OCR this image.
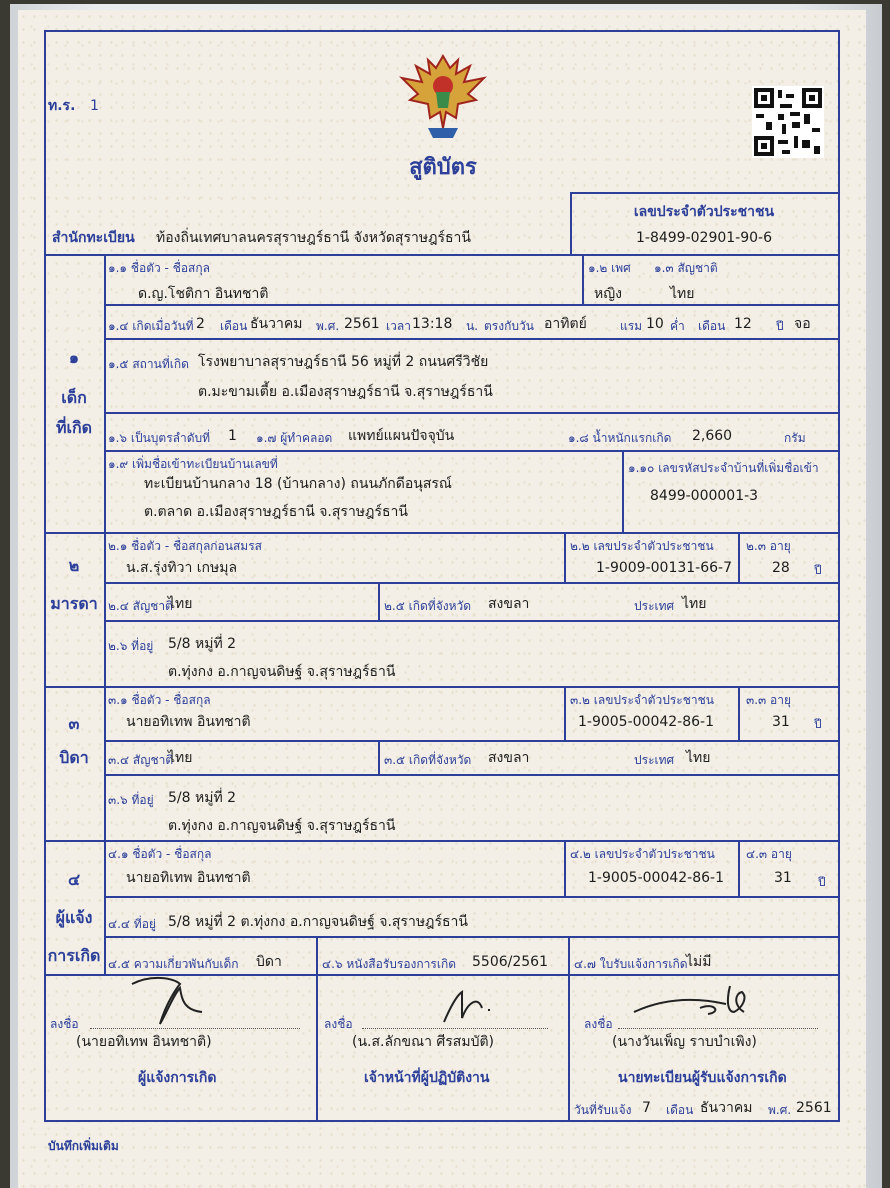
ท.ร. 1
สูติบัตร
สำนักทะเบียน ท้องถิ่นเทศบาลนครสุราษฎร์ธานี จังหวัดสุราษฎร์ธานี
เลขประจำตัวประชาชน
1-8499-02901-90-6
๑
เด็ก
ที่เกิด
๑.๑ ชื่อตัว - ชื่อสกุล
ด.ญ.โชติกา อินทชาติ
๑.๒ เพศ
หญิง
๑.๓ สัญชาติ
ไทย
๑.๔ เกิดเมื่อวันที่ 2 เดือน ธันวาคม พ.ศ. 2561 เวลา 13:18 น. ตรงกับวัน อาทิตย์	แรม 10 ค่ำ เดือน 12 ปี จอ
๑.๕ สถานที่เกิด โรงพยาบาลสุราษฎร์ธานี 56 หมู่ที่ 2 ถนนศรีวิชัย
ต.มะขามเตี้ย อ.เมืองสุราษฎร์ธานี จ.สุราษฎร์ธานี
๑.๖ เป็นบุตรลำดับที่ 1 ๑.๗ ผู้ทำคลอด แพทย์แผนปัจจุบัน	๑.๘ น้ำหนักแรกเกิด 2,660	กรัม
๑.๙ เพิ่มชื่อเข้าทะเบียนบ้านเลขที่
ทะเบียนบ้านกลาง 18 (บ้านกลาง) ถนนภักดีอนุสรณ์
ต.ตลาด อ.เมืองสุราษฎร์ธานี จ.สุราษฎร์ธานี
๑.๑๐ เลขรหัสประจำบ้านที่เพิ่มชื่อเข้า
8499-000001-3
๒
มารดา
๒.๑ ชื่อตัว - ชื่อสกุลก่อนสมรส
น.ส.รุ่งทิวา เกษมุล
๒.๒ เลขประจำตัวประชาชน
1-9009-00131-66-7
๒.๓ อายุ
28 ปี
๒.๔ สัญชาติ
ไทย	๒.๕ เกิดที่จังหวัด สงขลา	ประเทศ ไทย
๒.๖ ที่อยู่ 5/8 หมู่ที่ 2
ต.ทุ่งกง อ.กาญจนดิษฐ์ จ.สุราษฎร์ธานี
๓
บิดา
๓.๑ ชื่อตัว - ชื่อสกุล
นายอทิเทพ อินทชาติ
๓.๒ เลขประจำตัวประชาชน
1-9005-00042-86-1
๓.๓ อายุ
31 ปี
๓.๔ สัญชาติ
ไทย	๓.๕ เกิดที่จังหวัด สงขลา	ประเทศ ไทย
๓.๖ ที่อยู่ 5/8 หมู่ที่ 2
ต.ทุ่งกง อ.กาญจนดิษฐ์ จ.สุราษฎร์ธานี
๔
ผู้แจ้ง
การเกิด
๔.๑ ชื่อตัว - ชื่อสกุล
นายอทิเทพ อินทชาติ
๔.๒ เลขประจำตัวประชาชน
1-9005-00042-86-1
๔.๓ อายุ
31 ปี
๔.๔ ที่อยู่ 5/8 หมู่ที่ 2 ต.ทุ่งกง อ.กาญจนดิษฐ์ จ.สุราษฎร์ธานี
๔.๕ ความเกี่ยวพันกับเด็ก บิดา	๔.๖ หนังสือรับรองการเกิด 5506/2561 ๔.๗ ใบรับแจ้งการเกิด
ไม่มี
ลงชื่อ
(นายอทิเทพ อินทชาติ)
ผู้แจ้งการเกิด
ลงชื่อ
(น.ส.ลักขณา ศีรสมบัติ)
เจ้าหน้าที่ผู้ปฏิบัติงาน
ลงชื่อ
(นางวันเพ็ญ ราบบำเพิง)
นายทะเบียนผู้รับแจ้งการเกิด
วันที่รับแจ้ง 7 เดือน ธันวาคม พ.ศ. 2561
บันทึกเพิ่มเติม
